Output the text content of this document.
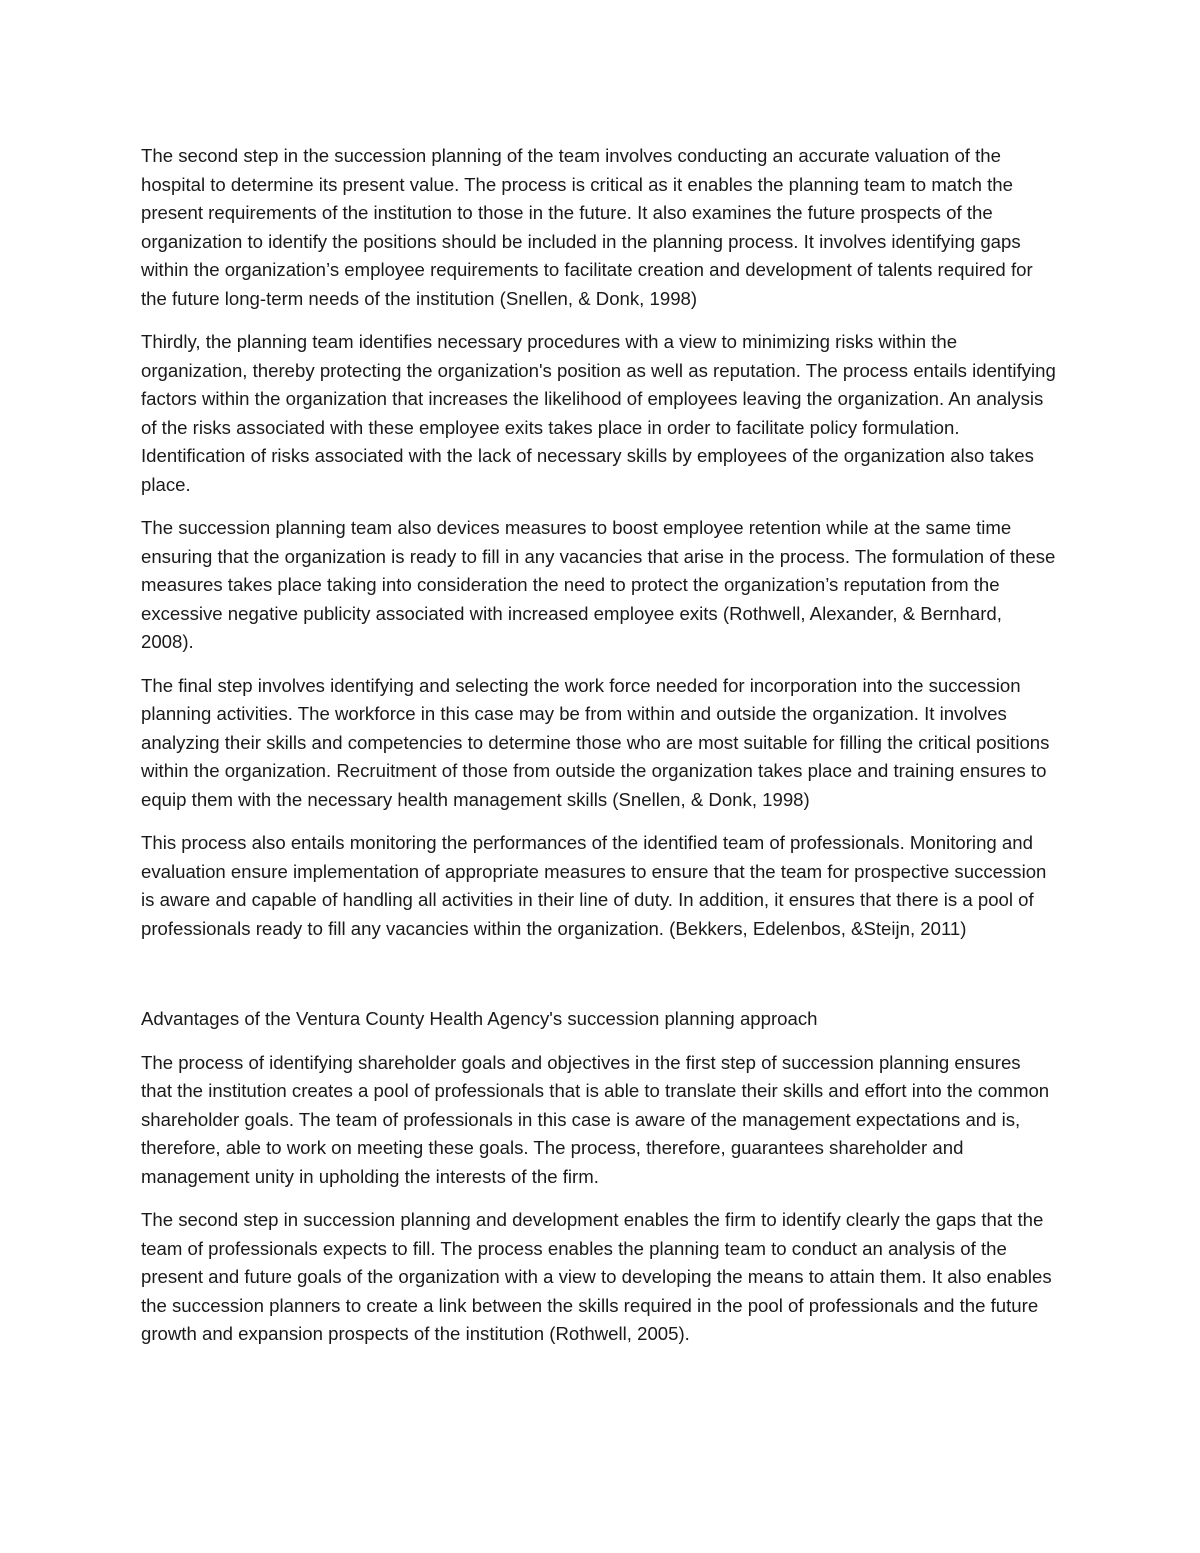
The second step in the succession planning of the team involves conducting an accurate valuation of the hospital to determine its present value. The process is critical as it enables the planning team to match the present requirements of the institution to those in the future. It also examines the future prospects of the organization to identify the positions should be included in the planning process. It involves identifying gaps within the organization’s employee requirements to facilitate creation and development of talents required for the future long-term needs of the institution (Snellen, & Donk, 1998)

Thirdly, the planning team identifies necessary procedures with a view to minimizing risks within the organization, thereby protecting the organization's position as well as reputation. The process entails identifying factors within the organization that increases the likelihood of employees leaving the organization. An analysis of the risks associated with these employee exits takes place in order to facilitate policy formulation. Identification of risks associated with the lack of necessary skills by employees of the organization also takes place.

The succession planning team also devices measures to boost employee retention while at the same time ensuring that the organization is ready to fill in any vacancies that arise in the process. The formulation of these measures takes place taking into consideration the need to protect the organization’s reputation from the excessive negative publicity associated with increased employee exits (Rothwell, Alexander, & Bernhard, 2008).

The final step involves identifying and selecting the work force needed for incorporation into the succession planning activities. The workforce in this case may be from within and outside the organization. It involves analyzing their skills and competencies to determine those who are most suitable for filling the critical positions within the organization. Recruitment of those from outside the organization takes place and training ensures to equip them with the necessary health management skills (Snellen, & Donk, 1998)

This process also entails monitoring the performances of the identified team of professionals. Monitoring and evaluation ensure implementation of appropriate measures to ensure that the team for prospective succession is aware and capable of handling all activities in their line of duty. In addition, it ensures that there is a pool of professionals ready to fill any vacancies within the organization. (Bekkers, Edelenbos, &Steijn, 2011)

Advantages of the Ventura County Health Agency's succession planning approach

The process of identifying shareholder goals and objectives in the first step of succession planning ensures that the institution creates a pool of professionals that is able to translate their skills and effort into the common shareholder goals. The team of professionals in this case is aware of the management expectations and is, therefore, able to work on meeting these goals. The process, therefore, guarantees shareholder and management unity in upholding the interests of the firm.

The second step in succession planning and development enables the firm to identify clearly the gaps that the team of professionals expects to fill. The process enables the planning team to conduct an analysis of the present and future goals of the organization with a view to developing the means to attain them. It also enables the succession planners to create a link between the skills required in the pool of professionals and the future growth and expansion prospects of the institution (Rothwell, 2005).
